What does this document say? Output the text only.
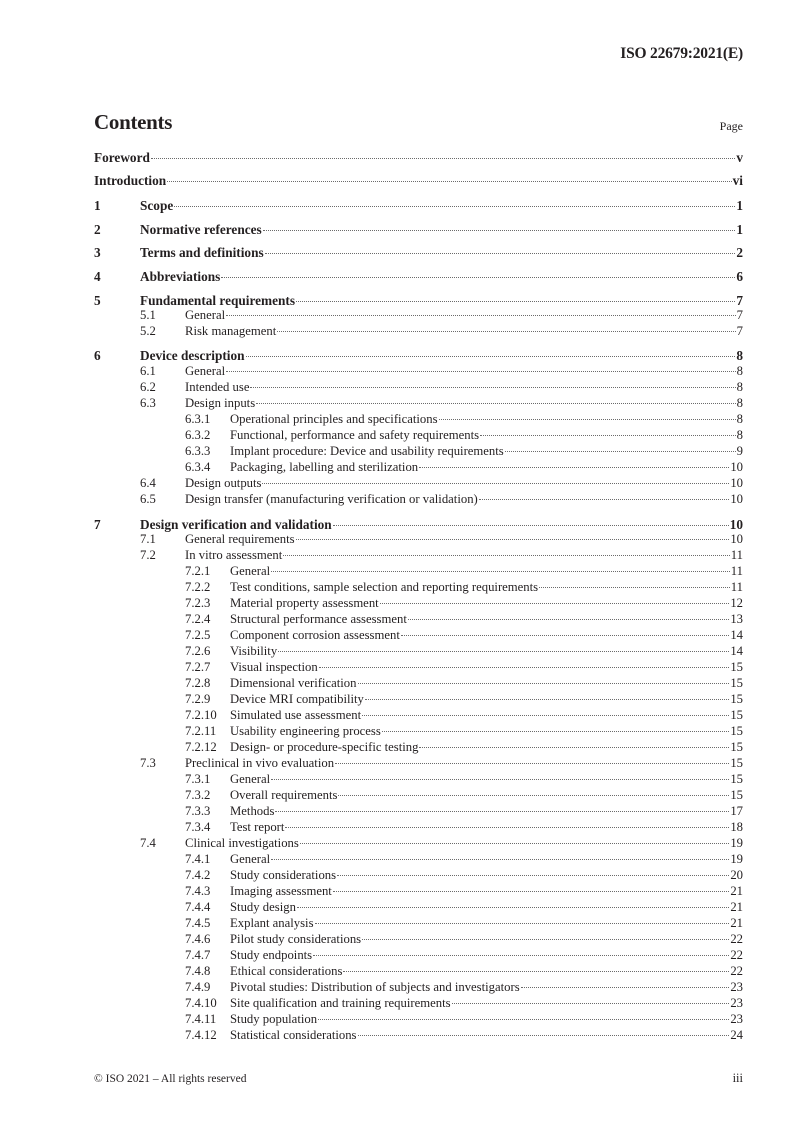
ISO 22679:2021(E)
Contents	Page
Foreword	v
Introduction	vi
1	Scope	1
2	Normative references	1
3	Terms and definitions	2
4	Abbreviations	6
5	Fundamental requirements	7
5.1	General	7
5.2	Risk management	7
6	Device description	8
6.1	General	8
6.2	Intended use	8
6.3	Design inputs	8
6.3.1	Operational principles and specifications	8
6.3.2	Functional, performance and safety requirements	8
6.3.3	Implant procedure: Device and usability requirements	9
6.3.4	Packaging, labelling and sterilization	10
6.4	Design outputs	10
6.5	Design transfer (manufacturing verification or validation)	10
7	Design verification and validation	10
7.1	General requirements	10
7.2	In vitro assessment	11
7.2.1	General	11
7.2.2	Test conditions, sample selection and reporting requirements	11
7.2.3	Material property assessment	12
7.2.4	Structural performance assessment	13
7.2.5	Component corrosion assessment	14
7.2.6	Visibility	14
7.2.7	Visual inspection	15
7.2.8	Dimensional verification	15
7.2.9	Device MRI compatibility	15
7.2.10	Simulated use assessment	15
7.2.11	Usability engineering process	15
7.2.12	Design- or procedure-specific testing	15
7.3	Preclinical in vivo evaluation	15
7.3.1	General	15
7.3.2	Overall requirements	15
7.3.3	Methods	17
7.3.4	Test report	18
7.4	Clinical investigations	19
7.4.1	General	19
7.4.2	Study considerations	20
7.4.3	Imaging assessment	21
7.4.4	Study design	21
7.4.5	Explant analysis	21
7.4.6	Pilot study considerations	22
7.4.7	Study endpoints	22
7.4.8	Ethical considerations	22
7.4.9	Pivotal studies: Distribution of subjects and investigators	23
7.4.10	Site qualification and training requirements	23
7.4.11	Study population	23
7.4.12	Statistical considerations	24
© ISO 2021 – All rights reserved	iii
